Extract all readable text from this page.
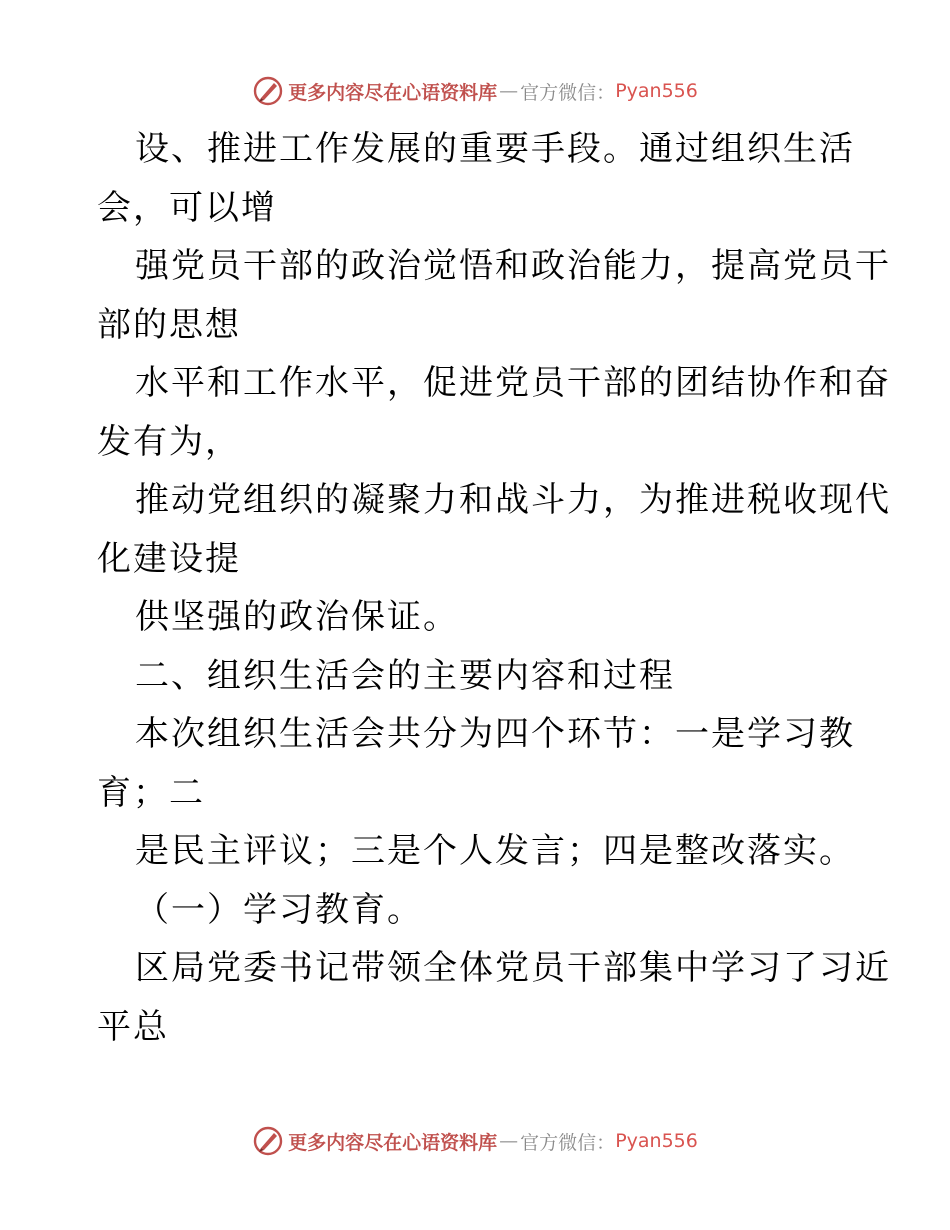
更多内容尽在心语资料库 — 官方微信： Pyan556
设、推进工作发展的重要手段。通过组织生活
会，可以增
强党员干部的政治觉悟和政治能力，提高党员干
部的思想
水平和工作水平，促进党员干部的团结协作和奋
发有为，
推动党组织的凝聚力和战斗力，为推进税收现代
化建设提
供坚强的政治保证。
二、组织生活会的主要内容和过程
本次组织生活会共分为四个环节：一是学习教
育；二
是民主评议；三是个人发言；四是整改落实。
（一）学习教育。
区局党委书记带领全体党员干部集中学习了习近
平总
更多内容尽在心语资料库 — 官方微信： Pyan556
